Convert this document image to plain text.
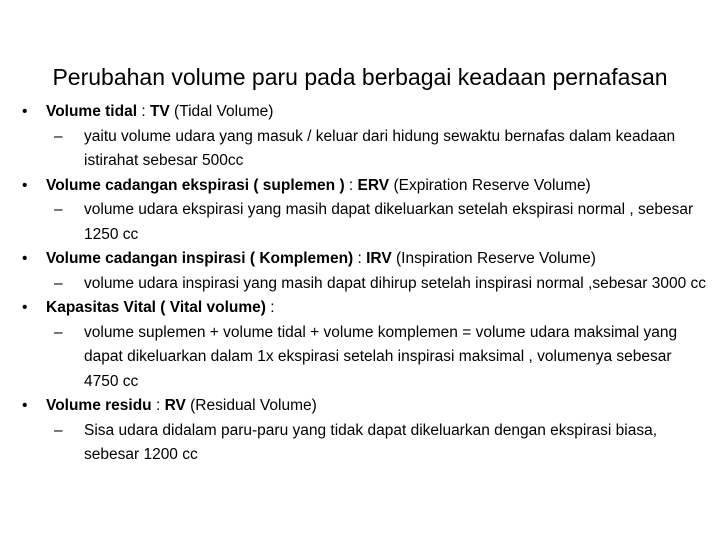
Perubahan volume paru pada berbagai keadaan pernafasan
• Volume tidal : TV (Tidal Volume)
– yaitu volume udara yang masuk / keluar dari hidung sewaktu bernafas dalam keadaan istirahat sebesar 500cc
• Volume cadangan ekspirasi ( suplemen ) : ERV (Expiration Reserve Volume)
– volume udara ekspirasi yang masih dapat dikeluarkan setelah ekspirasi normal , sebesar 1250 cc
• Volume cadangan inspirasi ( Komplemen) : IRV (Inspiration Reserve Volume)
– volume udara inspirasi yang masih dapat dihirup setelah inspirasi normal ,sebesar 3000 cc
• Kapasitas Vital ( Vital volume) :
– volume suplemen + volume tidal + volume komplemen = volume udara maksimal yang dapat dikeluarkan dalam 1x ekspirasi setelah inspirasi maksimal , volumenya sebesar 4750 cc
• Volume residu : RV (Residual Volume)
– Sisa udara didalam paru-paru yang tidak dapat dikeluarkan dengan ekspirasi biasa, sebesar 1200 cc
